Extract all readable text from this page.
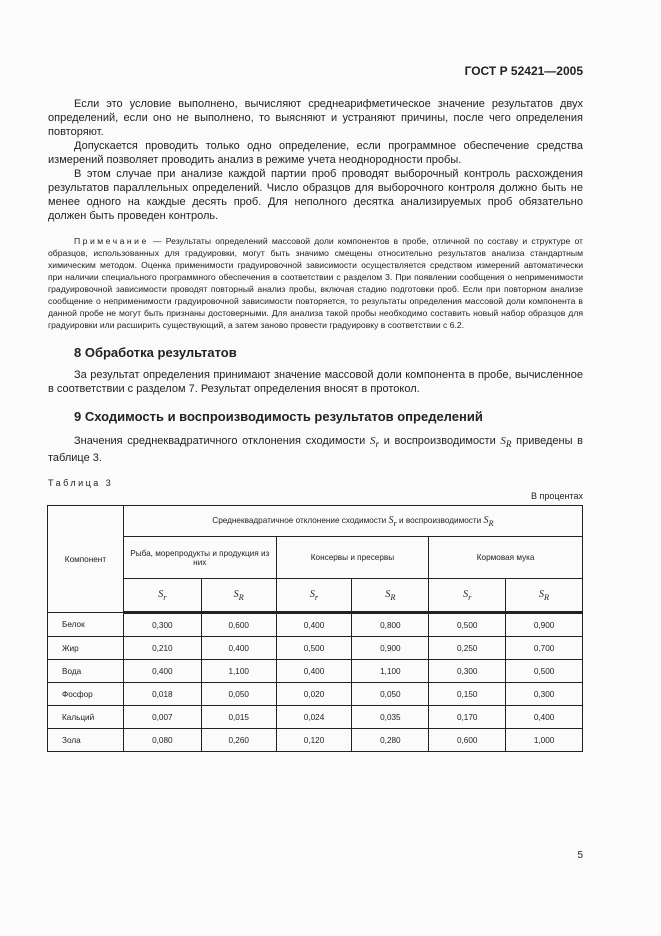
ГОСТ Р 52421—2005

Если это условие выполнено, вычисляют среднеарифметическое значение результатов двух определений, если оно не выполнено, то выясняют и устраняют причины, после чего определения повторяют.

Допускается проводить только одно определение, если программное обеспечение средства измерений позволяет проводить анализ в режиме учета неоднородности пробы.

В этом случае при анализе каждой партии проб проводят выборочный контроль расхождения результатов параллельных определений. Число образцов для выборочного контроля должно быть не менее одного на каждые десять проб. Для неполного десятка анализируемых проб обязательно должен быть проведен контроль.

Примечание — Результаты определений массовой доли компонентов в пробе, отличной по составу и структуре от образцов, использованных для градуировки, могут быть значимо смещены относительно результатов анализа стандартным химическим методом. Оценка применимости градуировочной зависимости осуществляется средством измерений автоматически при наличии специального программного обеспечения в соответствии с разделом 3. При появлении сообщения о неприменимости градуировочной зависимости проводят повторный анализ пробы, включая стадию подготовки проб. Если при повторном анализе сообщение о неприменимости градуировочной зависимости повторяется, то результаты определения массовой доли компонента в данной пробе не могут быть признаны достоверными. Для анализа такой пробы необходимо составить новый набор образцов для градуировки или расширить существующий, а затем заново провести градуировку в соответствии с 6.2.

8 Обработка результатов

За результат определения принимают значение массовой доли компонента в пробе, вычисленное в соответствии с разделом 7. Результат определения вносят в протокол.

9 Сходимость и воспроизводимость результатов определений

Значения среднеквадратичного отклонения сходимости $S_r$ и воспроизводимости $S_R$ приведены в таблице 3.

Таблица 3
В процентах
Компонент	Среднеквадратичное отклонение сходимости $S_r$ и воспроизводимости $S_R$
	Рыба, морепродукты и продукция из них		Консервы и пресервы		Кормовая мука	
	$S_r$	$S_R$	$S_r$	$S_R$	$S_r$	$S_R$
Белок	0,300	0,600	0,400	0,800	0,500	0,900
Жир	0,210	0,400	0,500	0,900	0,250	0,700
Вода	0,400	1,100	0,400	1,100	0,300	0,500
Фосфор	0,018	0,050	0,020	0,050	0,150	0,300
Кальций	0,007	0,015	0,024	0,035	0,170	0,400
Зола	0,080	0,260	0,120	0,280	0,600	1,000
5
